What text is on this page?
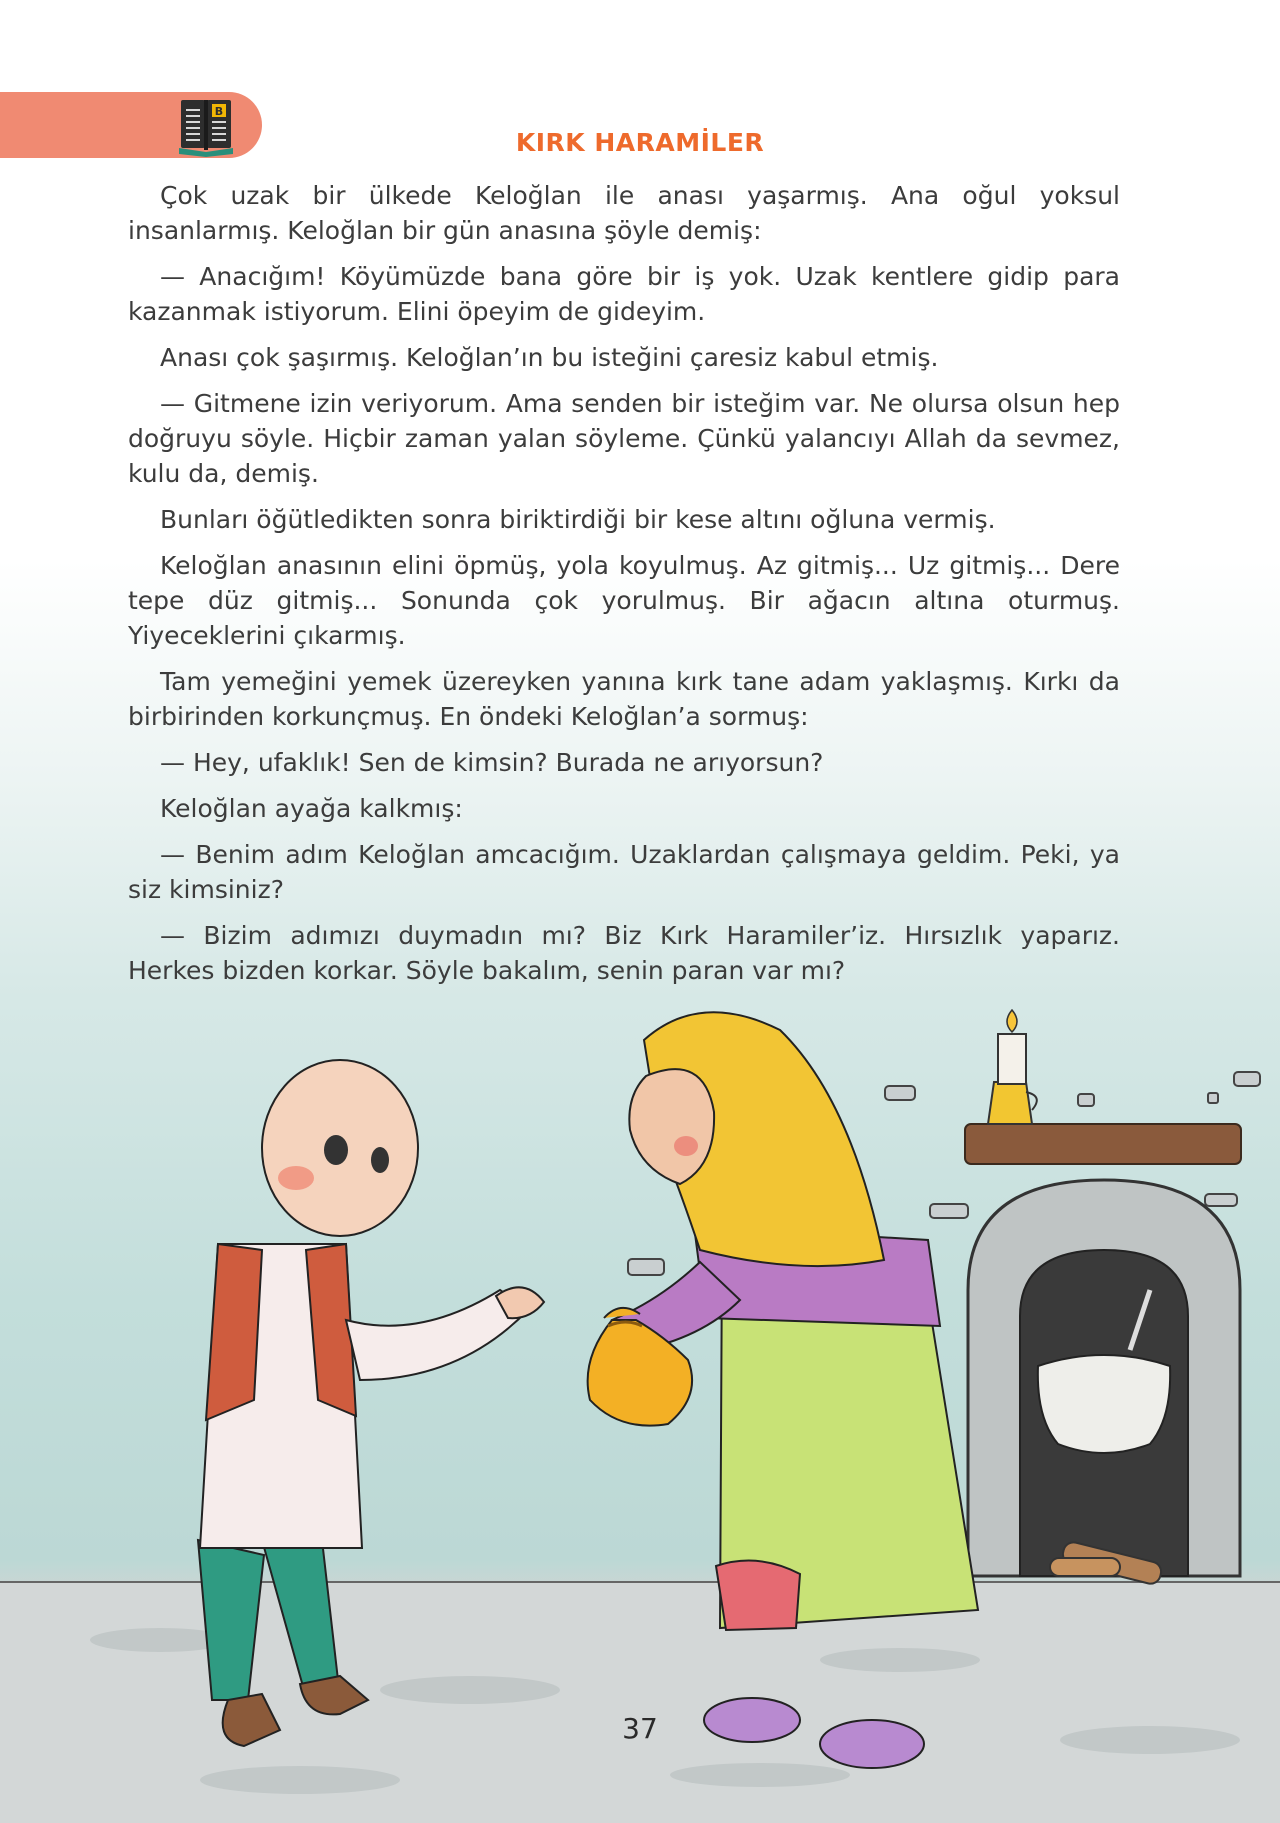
B
KIRK HARAMİLER

Çok uzak bir ülkede Keloğlan ile anası yaşarmış. Ana oğul yoksul insanlarmış. Keloğlan bir gün anasına şöyle demiş:

— Anacığım! Köyümüzde bana göre bir iş yok. Uzak kentlere gidip para kazanmak istiyorum. Elini öpeyim de gideyim.

Anası çok şaşırmış. Keloğlan’ın bu isteğini çaresiz kabul etmiş.

— Gitmene izin veriyorum. Ama senden bir isteğim var. Ne olursa olsun hep doğruyu söyle. Hiçbir zaman yalan söyleme. Çünkü yalancıyı Allah da sevmez, kulu da, demiş.

Bunları öğütledikten sonra biriktirdiği bir kese altını oğluna vermiş.

Keloğlan anasının elini öpmüş, yola koyulmuş. Az gitmiş... Uz gitmiş... Dere tepe düz gitmiş... Sonunda çok yorulmuş. Bir ağacın altına oturmuş. Yiyeceklerini çıkarmış.

Tam yemeğini yemek üzereyken yanına kırk tane adam yaklaşmış. Kırkı da birbirinden korkunçmuş. En öndeki Keloğlan’a sormuş:

— Hey, ufaklık! Sen de kimsin? Burada ne arıyorsun?

Keloğlan ayağa kalkmış:

— Benim adım Keloğlan amcacığım. Uzaklardan çalışmaya geldim. Peki, ya siz kimsiniz?

— Bizim adımızı duymadın mı? Biz Kırk Haramiler’iz. Hırsızlık yaparız. Herkes bizden korkar. Söyle bakalım, senin paran var mı?

37
